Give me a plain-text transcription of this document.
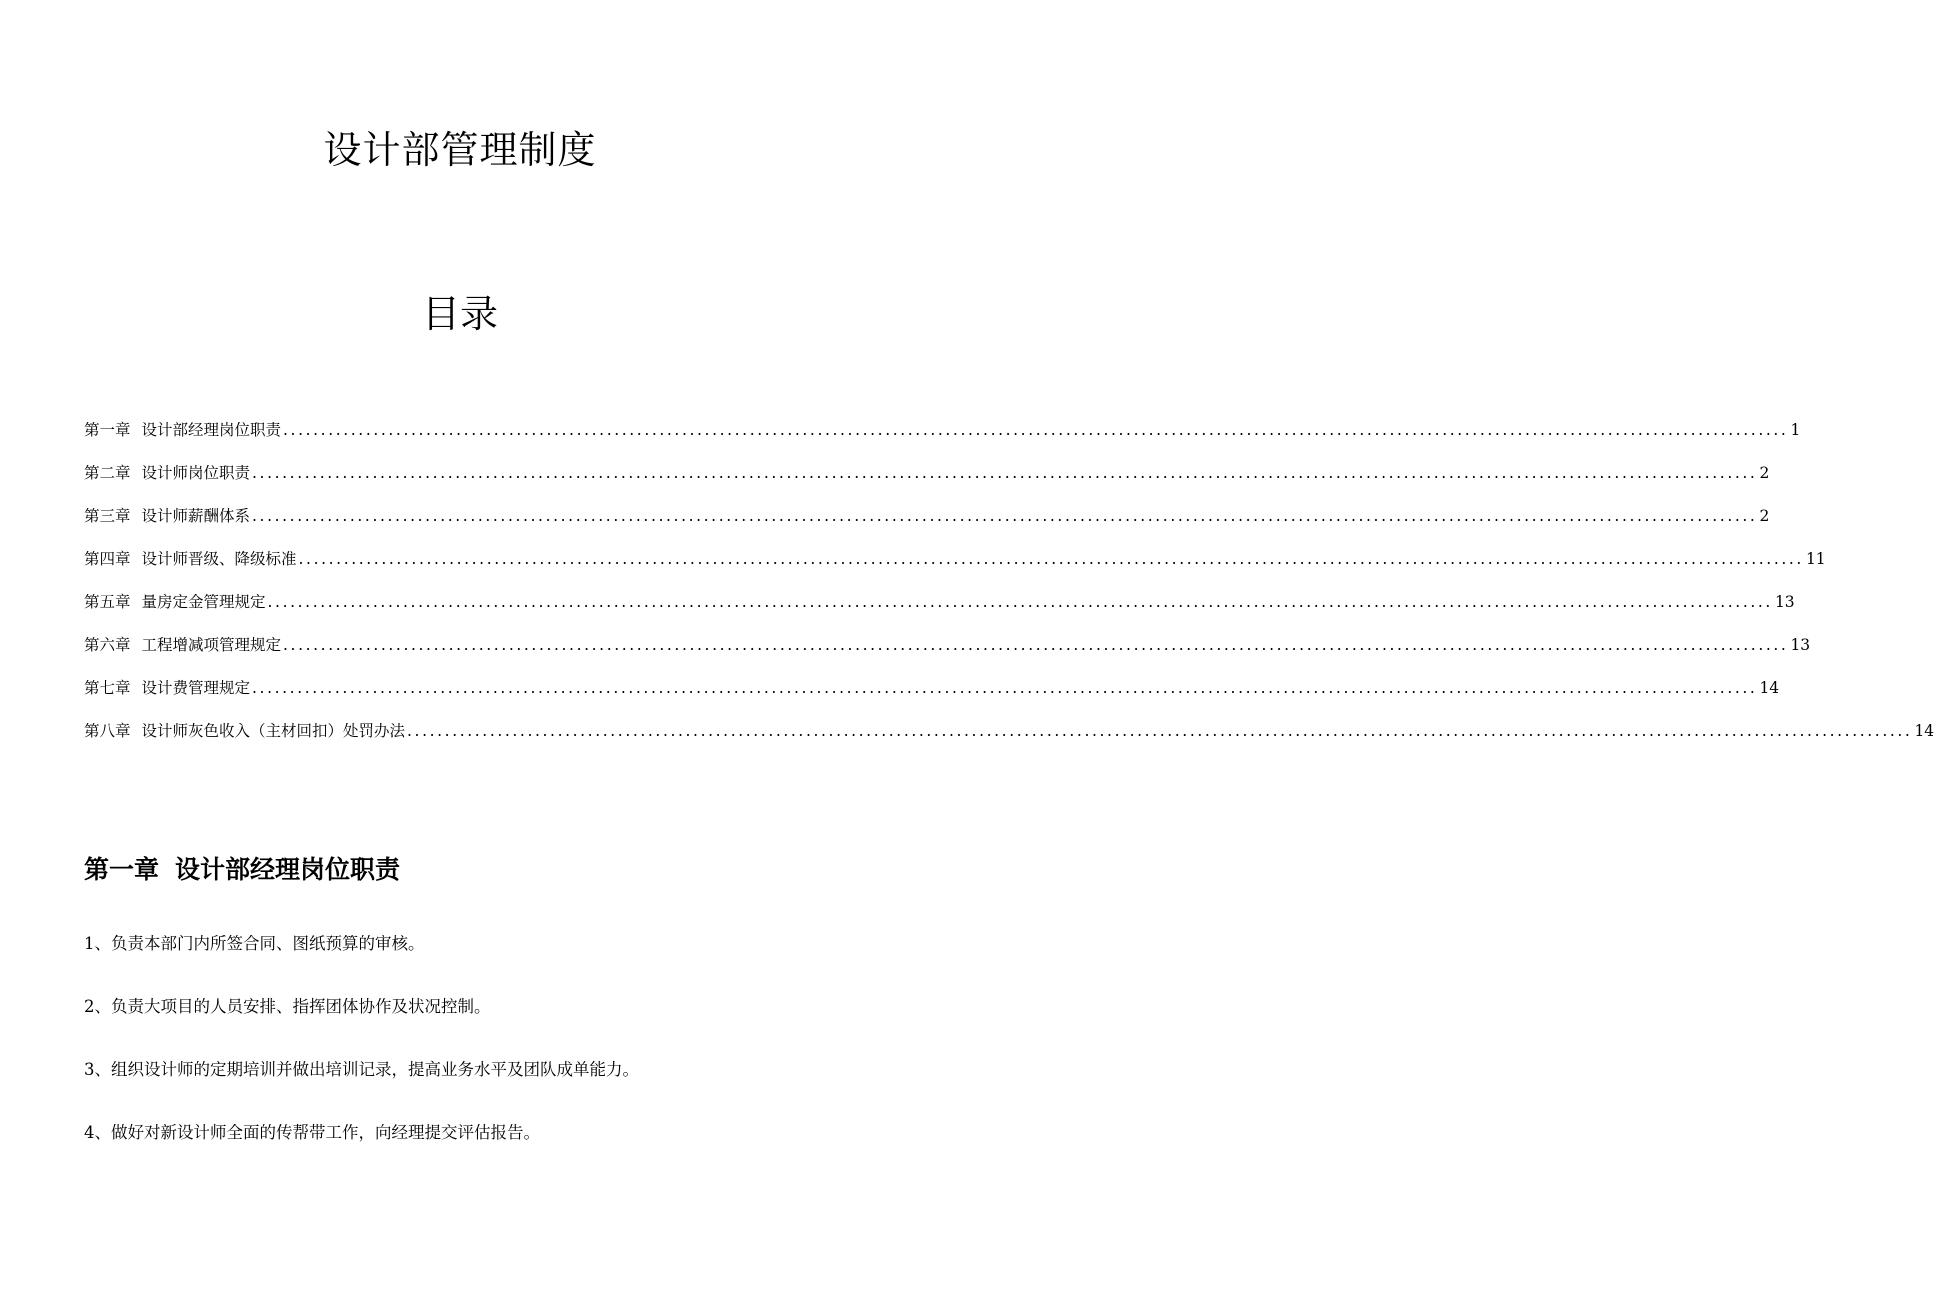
设计部管理制度
目录
第一章 设计部经理岗位职责 ........................................................................................................................................................................................................ 1
第二章 设计师岗位职责 ........................................................................................................................................................................................................ 2
第三章 设计师薪酬体系 ........................................................................................................................................................................................................ 2
第四章 设计师晋级、降级标准 ........................................................................................................................................................................................................ 11
第五章 量房定金管理规定 ........................................................................................................................................................................................................ 13
第六章 工程增减项管理规定 ........................................................................................................................................................................................................ 13
第七章 设计费管理规定 ........................................................................................................................................................................................................ 14
第八章 设计师灰色收入（主材回扣）处罚办法 ........................................................................................................................................................................................................ 14
第一章 设计部经理岗位职责
1、负责本部门内所签合同、图纸预算的审核。
2、负责大项目的人员安排、指挥团体协作及状况控制。
3、组织设计师的定期培训并做出培训记录，提高业务水平及团队成单能力。
4、做好对新设计师全面的传帮带工作，向经理提交评估报告。
